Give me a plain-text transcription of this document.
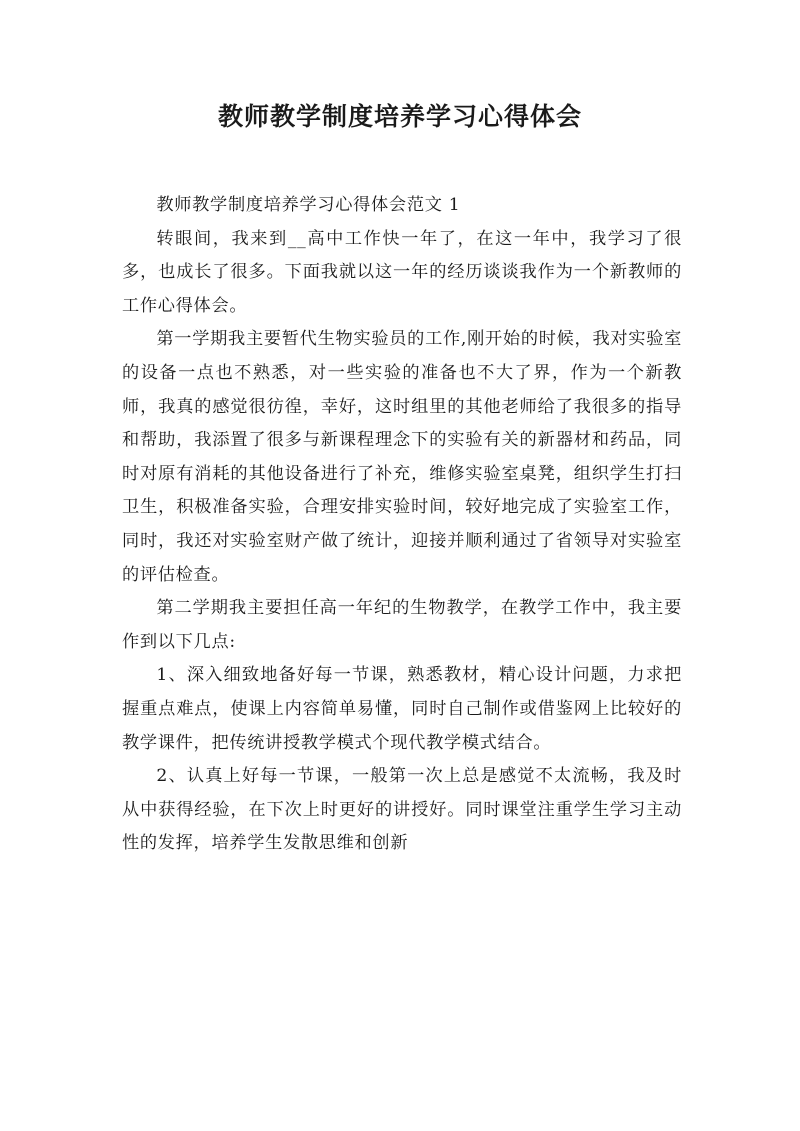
教师教学制度培养学习心得体会

教师教学制度培养学习心得体会范文 1

转眼间，我来到__高中工作快一年了，在这一年中，我学习了很多，也成长了很多。下面我就以这一年的经历谈谈我作为一个新教师的工作心得体会。

第一学期我主要暂代生物实验员的工作,刚开始的时候，我对实验室的设备一点也不熟悉，对一些实验的准备也不大了界，作为一个新教师，我真的感觉很彷徨，幸好，这时组里的其他老师给了我很多的指导和帮助，我添置了很多与新课程理念下的实验有关的新器材和药品，同时对原有消耗的其他设备进行了补充，维修实验室桌凳，组织学生打扫卫生，积极准备实验，合理安排实验时间，较好地完成了实验室工作，同时，我还对实验室财产做了统计，迎接并顺利通过了省领导对实验室的评估检查。

第二学期我主要担任高一年纪的生物教学，在教学工作中，我主要作到以下几点:

1、深入细致地备好每一节课，熟悉教材，精心设计问题，力求把握重点难点，使课上内容简单易懂，同时自己制作或借鉴网上比较好的教学课件，把传统讲授教学模式个现代教学模式结合。

2、认真上好每一节课，一般第一次上总是感觉不太流畅，我及时从中获得经验，在下次上时更好的讲授好。同时课堂注重学生学习主动性的发挥，培养学生发散思维和创新
